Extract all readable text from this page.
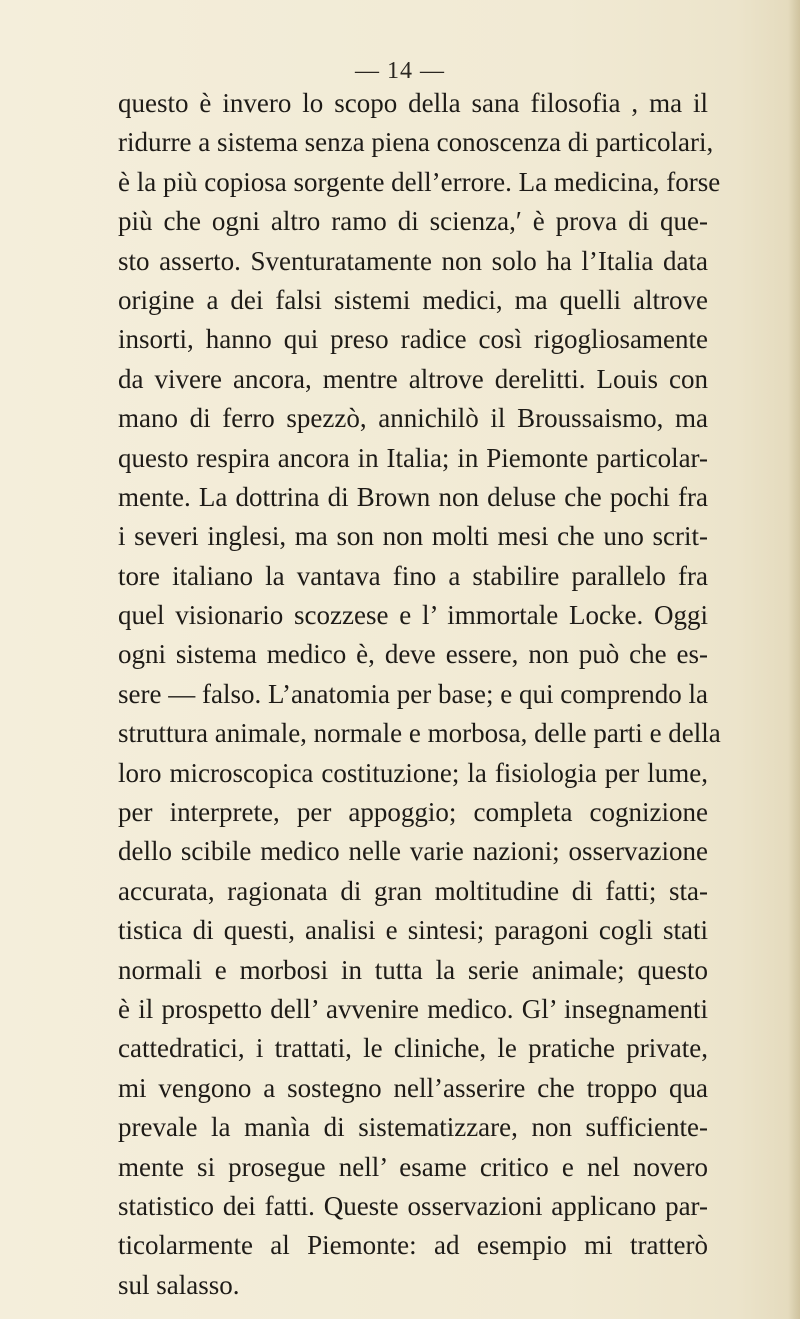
— 14 —
questo è invero lo scopo della sana filosofia , ma il
ridurre a sistema senza piena conoscenza di particolari,
è la più copiosa sorgente dell’errore. La medicina, forse
più che ogni altro ramo di scienza,ʹ è prova di que-
sto asserto. Sventuratamente non solo ha l’Italia data
origine a dei falsi sistemi medici, ma quelli altrove
insorti, hanno qui preso radice così rigogliosamente
da vivere ancora, mentre altrove derelitti. Louis con
mano di ferro spezzò, annichilò il Broussaismo, ma
questo respira ancora in Italia; in Piemonte particolar-
mente. La dottrina di Brown non deluse che pochi fra
i severi inglesi, ma son non molti mesi che uno scrit-
tore italiano la vantava fino a stabilire parallelo fra
quel visionario scozzese e l’ immortale Locke. Oggi
ogni sistema medico è, deve essere, non può che es-
sere — falso. L’anatomia per base; e qui comprendo la
struttura animale, normale e morbosa, delle parti e della
loro microscopica costituzione; la fisiologia per lume,
per interprete, per appoggio; completa cognizione
dello scibile medico nelle varie nazioni; osservazione
accurata, ragionata di gran moltitudine di fatti; sta-
tistica di questi, analisi e sintesi; paragoni cogli stati
normali e morbosi in tutta la serie animale; questo
è il prospetto dell’ avvenire medico. Gl’ insegnamenti
cattedratici, i trattati, le cliniche, le pratiche private,
mi vengono a sostegno nell’asserire che troppo qua
prevale la manìa di sistematizzare, non sufficiente-
mente si prosegue nell’ esame critico e nel novero
statistico dei fatti. Queste osservazioni applicano par-
ticolarmente al Piemonte: ad esempio mi tratterò
sul salasso.
